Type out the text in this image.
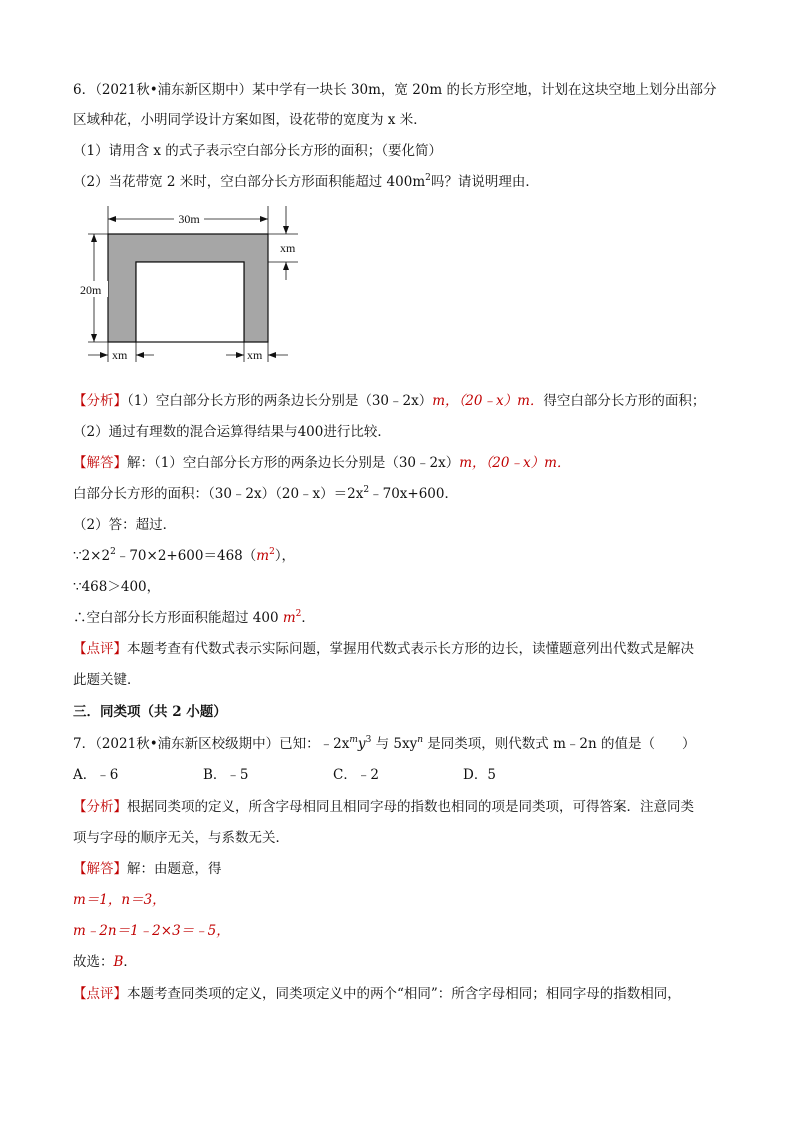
6．（2021秋•浦东新区期中）某中学有一块长 30m，宽 20m 的长方形空地，计划在这块空地上划分出部分
区域种花，小明同学设计方案如图，设花带的宽度为 x 米．
（1）请用含 x 的式子表示空白部分长方形的面积；（要化简）
（2）当花带宽 2 米时，空白部分长方形面积能超过 $400m^2$吗？请说明理由．
30m
xm
20m
xm	xm
【分析】（1）空白部分长方形的两条边长分别是（30﹣2x）m，（20﹣x）m．得空白部分长方形的面积；
（2）通过有理数的混合运算得结果与400进行比较．
【解答】解：（1）空白部分长方形的两条边长分别是（30﹣2x）m，（20﹣x）m．
白部分长方形的面积：$(30﹣2x)(20﹣x)=2x^2﹣70x+600$．
（2）答：超过．
$\because 2\times 2^2﹣70\times 2+600=468(m^2)$，
∵468＞400，
∴空白部分长方形面积能超过 400 $m^2$．
【点评】本题考查有代数式表示实际问题，掌握用代数式表示长方形的边长，读懂题意列出代数式是解决
此题关键．
三．同类项（共 2 小题）
7．（2021秋•浦东新区校级期中）已知：$﹣2x^my^3$ 与 $5xy^n$ 是同类项，则代数式 m﹣2n 的值是（　　）
A．﹣6	B．﹣5	C．﹣2	D．5
【分析】根据同类项的定义，所含字母相同且相同字母的指数也相同的项是同类项，可得答案．注意同类
项与字母的顺序无关，与系数无关．
【解答】解：由题意，得
m＝1，n＝3，
m﹣2n＝1﹣2×3＝﹣5，
故选：B．
【点评】本题考查同类项的定义，同类项定义中的两个“相同”：所含字母相同；相同字母的指数相同，
